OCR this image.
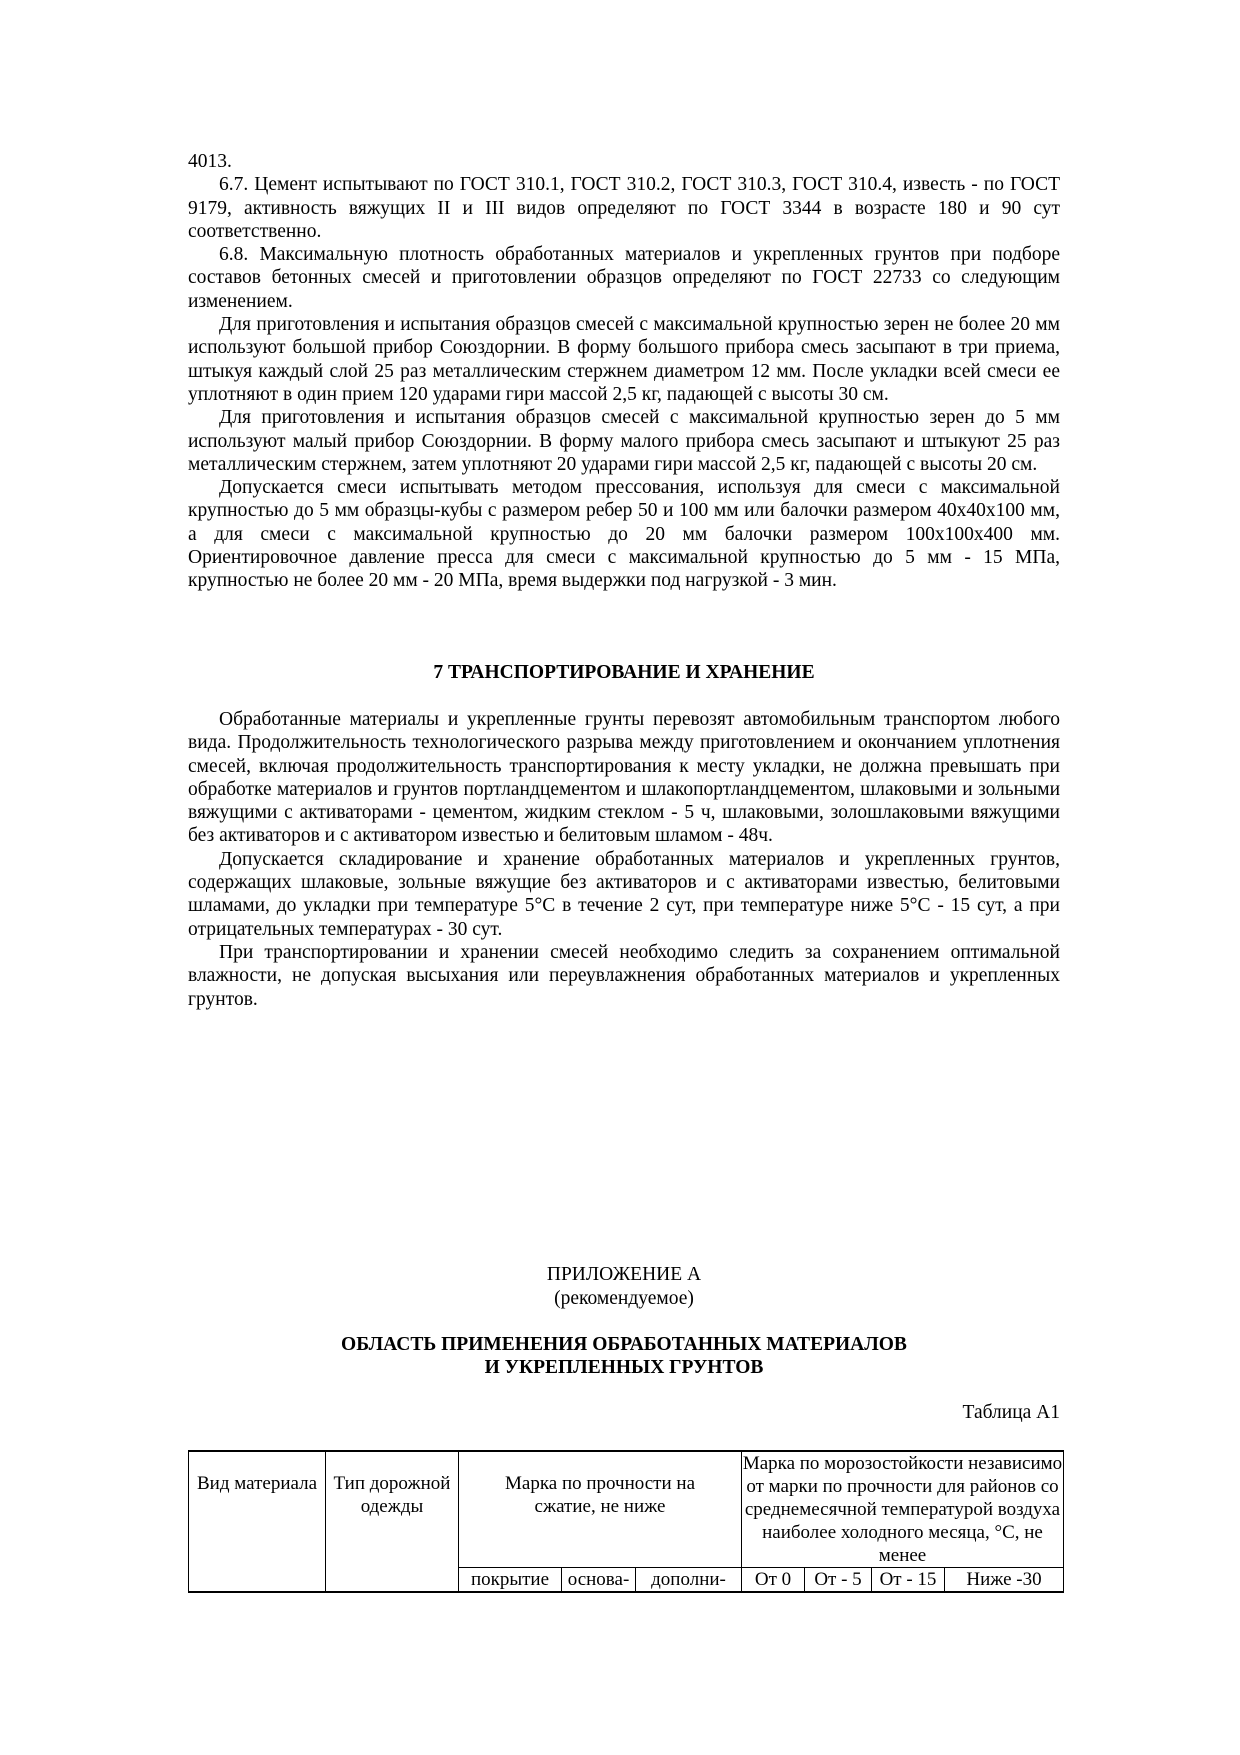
4013.

6.7. Цемент испытывают по ГОСТ 310.1, ГОСТ 310.2, ГОСТ 310.3, ГОСТ 310.4, известь - по ГОСТ 9179, активность вяжущих II и III видов определяют по ГОСТ 3344 в возрасте 180 и 90 сут соответственно.

6.8. Максимальную плотность обработанных материалов и укрепленных грунтов при подборе составов бетонных смесей и приготовлении образцов определяют по ГОСТ 22733 со следующим изменением.

Для приготовления и испытания образцов смесей с максимальной крупностью зерен не более 20 мм используют большой прибор Союздорнии. В форму большого прибора смесь засыпают в три приема, штыкуя каждый слой 25 раз металлическим стержнем диаметром 12 мм. После укладки всей смеси ее уплотняют в один прием 120 ударами гири массой 2,5 кг, падающей с высоты 30 см.

Для приготовления и испытания образцов смесей с максимальной крупностью зерен до 5 мм используют малый прибор Союздорнии. В форму малого прибора смесь засыпают и штыкуют 25 раз металлическим стержнем, затем уплотняют 20 ударами гири массой 2,5 кг, падающей с высоты 20 см.

Допускается смеси испытывать методом прессования, используя для смеси с максимальной крупностью до 5 мм образцы-кубы с размером ребер 50 и 100 мм или балочки размером 40x40x100 мм, а для смеси с максимальной крупностью до 20 мм балочки размером 100x100x400 мм. Ориентировочное давление пресса для смеси с максимальной крупностью до 5 мм - 15 МПа, крупностью не более 20 мм - 20 МПа, время выдержки под нагрузкой - 3 мин.

7 ТРАНСПОРТИРОВАНИЕ И ХРАНЕНИЕ

Обработанные материалы и укрепленные грунты перевозят автомобильным транспортом любого вида. Продолжительность технологического разрыва между приготовлением и окончанием уплотнения смесей, включая продолжительность транспортирования к месту укладки, не должна превышать при обработке материалов и грунтов портландцементом и шлакопортландцементом, шлаковыми и зольными вяжущими с активаторами - цементом, жидким стеклом - 5 ч, шлаковыми, золошлаковыми вяжущими без активаторов и с активатором известью и белитовым шламом - 48ч.

Допускается складирование и хранение обработанных материалов и укрепленных грунтов, содержащих шлаковые, зольные вяжущие без активаторов и с активаторами известью, белитовыми шламами, до укладки при температуре 5°С в течение 2 сут, при температуре ниже 5°С - 15 сут, а при отрицательных температурах - 30 сут.

При транспортировании и хранении смесей необходимо следить за сохранением оптимальной влажности, не допуская высыхания или переувлажнения обработанных материалов и укрепленных грунтов.

ПРИЛОЖЕНИЕ А
(рекомендуемое)
ОБЛАСТЬ ПРИМЕНЕНИЯ ОБРАБОТАННЫХ МАТЕРИАЛОВ
И УКРЕПЛЕННЫХ ГРУНТОВ
Таблица А1
Вид материала	Тип дорожной одежды	Марка по прочности на сжатие, не ниже			Марка по морозостойкости независимо от марки по прочности для районов со среднемесячной температурой воздуха наиболее холодного месяца, °С, не менее			
		покрытие	основа-	дополни-	От 0	От - 5	От - 15	Ниже -30
